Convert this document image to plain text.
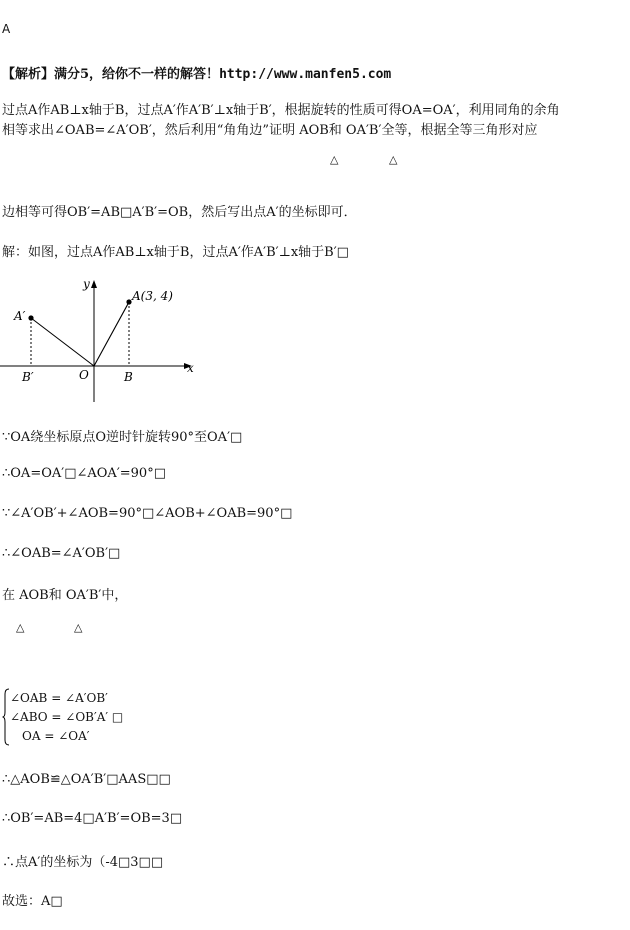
A
【解析】满分5，给你不一样的解答！http://www.manfen5.com
过点A作AB⊥x轴于B，过点A′作A′B′⊥x轴于B′，根据旋转的性质可得OA=OA′，利用同角的余角
相等求出∠OAB=∠A′OB′，然后利用“角角边”证明 AOB和 OA′B′全等，根据全等三角形对应
△	△
边相等可得OB′=AB□A′B′=OB，然后写出点A′的坐标即可．
解：如图，过点A作AB⊥x轴于B，过点A′作A′B′⊥x轴于B′□
y
x
O
A(3, 4)
A′
B
B′
∵OA绕坐标原点O逆时针旋转90°至OA′□
∴OA=OA′□∠AOA′=90°□
∵∠A′OB′+∠AOB=90°□∠AOB+∠OAB=90°□
∴∠OAB=∠A′OB′□
在 AOB和 OA′B′中，
△	△
∠OAB = ∠A′OB′
∠ABO = ∠OB′A′ □
OA = ∠OA′
∴△AOB≌△OA′B′□AAS□□
∴OB′=AB=4□A′B′=OB=3□
∴点A′的坐标为（-4□3□□
故选：A□
